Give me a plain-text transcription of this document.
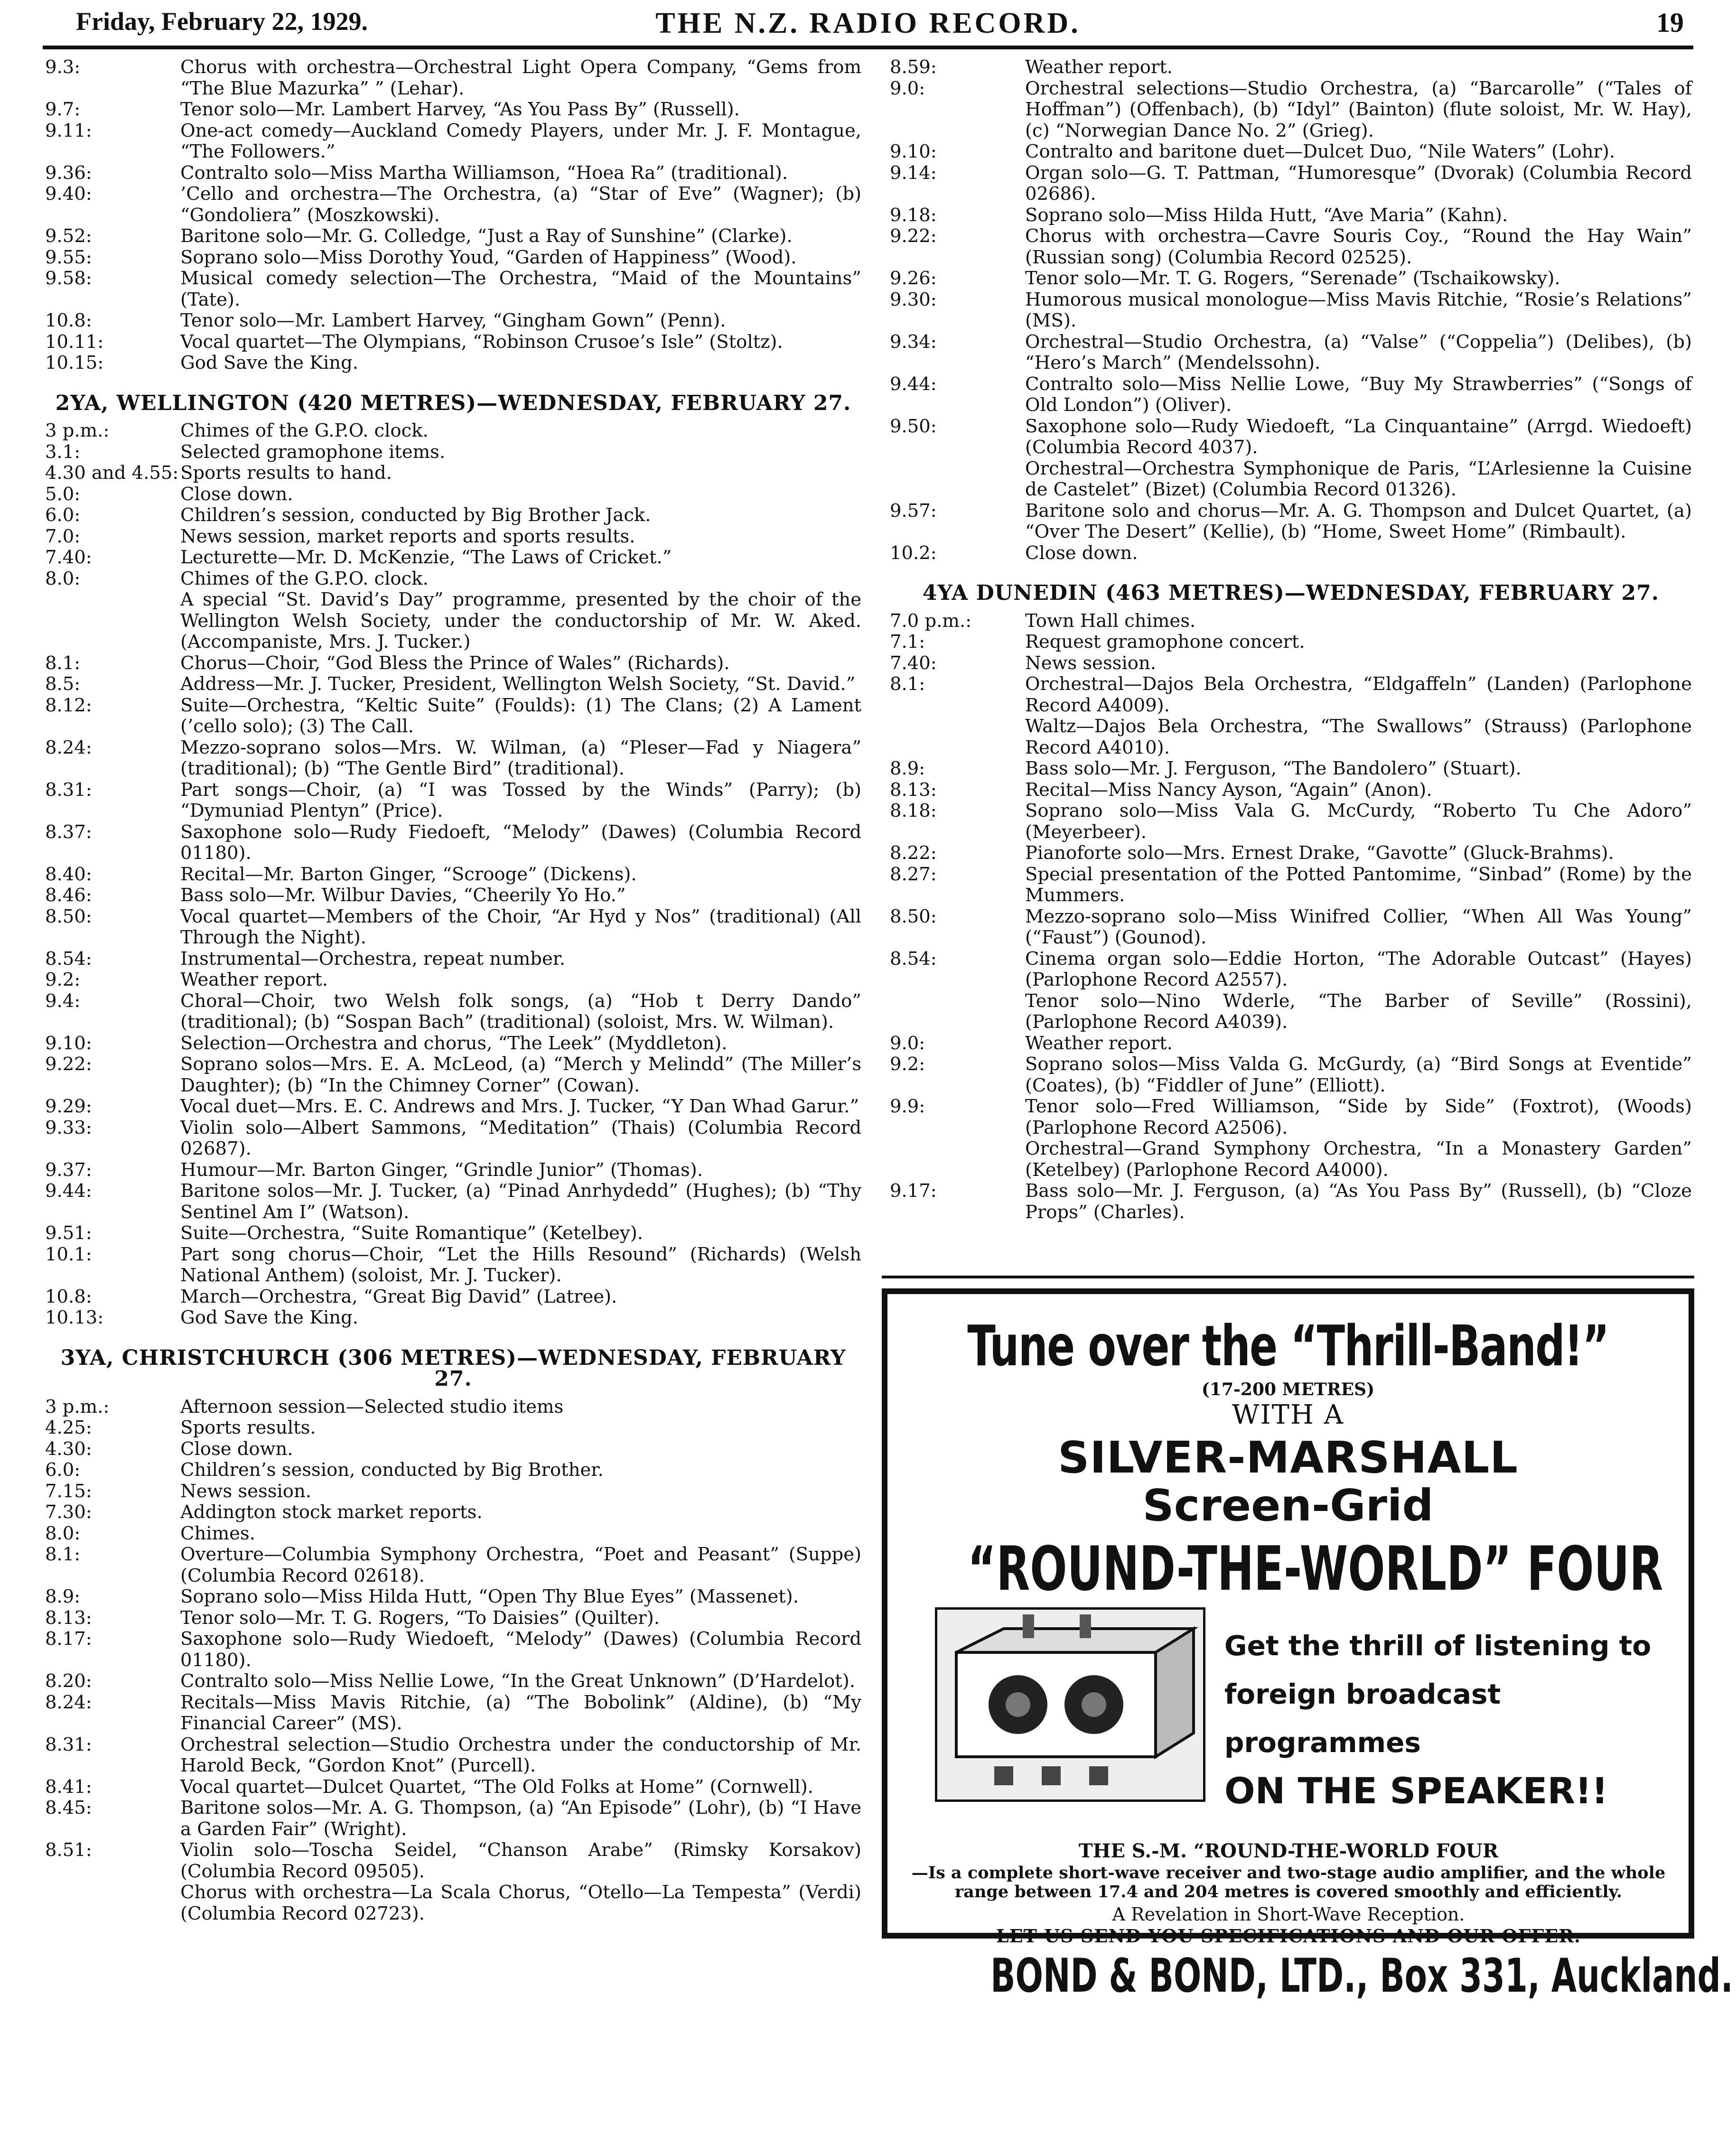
Friday, February 22, 1929.	THE N.Z. RADIO RECORD.	19
9.3:	Chorus with orchestra—Orchestral Light Opera Company, “Gems from “The Blue Mazurka” ” (Lehar).
9.7:	Tenor solo—Mr. Lambert Harvey, “As You Pass By” (Russell).
9.11:	One-act comedy—Auckland Comedy Players, under Mr. J. F. Montague, “The Followers.”
9.36:	Contralto solo—Miss Martha Williamson, “Hoea Ra” (traditional).
9.40:	’Cello and orchestra—The Orchestra, (a) “Star of Eve” (Wagner); (b) “Gondoliera” (Moszkowski).
9.52:	Baritone solo—Mr. G. Colledge, “Just a Ray of Sunshine” (Clarke).
9.55:	Soprano solo—Miss Dorothy Youd, “Garden of Happiness” (Wood).
9.58:	Musical comedy selection—The Orchestra, “Maid of the Mountains” (Tate).
10.8:	Tenor solo—Mr. Lambert Harvey, “Gingham Gown” (Penn).
10.11:	Vocal quartet—The Olympians, “Robinson Crusoe’s Isle” (Stoltz).
10.15:	God Save the King.
2YA, WELLINGTON (420 METRES)—WEDNESDAY, FEBRUARY 27.
3 p.m.:	Chimes of the G.P.O. clock.
3.1:	Selected gramophone items.
4.30 and 4.55: Sports results to hand.
5.0:	Close down.
6.0:	Children’s session, conducted by Big Brother Jack.
7.0:	News session, market reports and sports results.
7.40:	Lecturette—Mr. D. McKenzie, “The Laws of Cricket.”
8.0:	Chimes of the G.P.O. clock.
A special “St. David’s Day” programme, presented by the choir of the Wellington Welsh Society, under the conductorship of Mr. W. Aked. (Accompaniste, Mrs. J. Tucker.)
8.1:	Chorus—Choir, “God Bless the Prince of Wales” (Richards).
8.5:	Address—Mr. J. Tucker, President, Wellington Welsh Society, “St. David.”
8.12:	Suite—Orchestra, “Keltic Suite” (Foulds): (1) The Clans; (2) A Lament (’cello solo); (3) The Call.
8.24:	Mezzo-soprano solos—Mrs. W. Wilman, (a) “Pleser—Fad y Niagera” (traditional); (b) “The Gentle Bird” (traditional).
8.31:	Part songs—Choir, (a) “I was Tossed by the Winds” (Parry); (b) “Dymuniad Plentyn” (Price).
8.37:	Saxophone solo—Rudy Fiedoeft, “Melody” (Dawes) (Columbia Record 01180).
8.40:	Recital—Mr. Barton Ginger, “Scrooge” (Dickens).
8.46:	Bass solo—Mr. Wilbur Davies, “Cheerily Yo Ho.”
8.50:	Vocal quartet—Members of the Choir, “Ar Hyd y Nos” (traditional) (All Through the Night).
8.54:	Instrumental—Orchestra, repeat number.
9.2:	Weather report.
9.4:	Choral—Choir, two Welsh folk songs, (a) “Hob t Derry Dando” (traditional); (b) “Sospan Bach” (traditional) (soloist, Mrs. W. Wilman).
9.10:	Selection—Orchestra and chorus, “The Leek” (Myddleton).
9.22:	Soprano solos—Mrs. E. A. McLeod, (a) “Merch y Melindd” (The Miller’s Daughter); (b) “In the Chimney Corner” (Cowan).
9.29:	Vocal duet—Mrs. E. C. Andrews and Mrs. J. Tucker, “Y Dan Whad Garur.”
9.33:	Violin solo—Albert Sammons, “Meditation” (Thais) (Columbia Record 02687).
9.37:	Humour—Mr. Barton Ginger, “Grindle Junior” (Thomas).
9.44:	Baritone solos—Mr. J. Tucker, (a) “Pinad Anrhydedd” (Hughes); (b) “Thy Sentinel Am I” (Watson).
9.51:	Suite—Orchestra, “Suite Romantique” (Ketelbey).
10.1:	Part song chorus—Choir, “Let the Hills Resound” (Richards) (Welsh National Anthem) (soloist, Mr. J. Tucker).
10.8:	March—Orchestra, “Great Big David” (Latree).
10.13:	God Save the King.
3YA, CHRISTCHURCH (306 METRES)—WEDNESDAY, FEBRUARY 27.
3 p.m.:	Afternoon session—Selected studio items
4.25:	Sports results.
4.30:	Close down.
6.0:	Children’s session, conducted by Big Brother.
7.15:	News session.
7.30:	Addington stock market reports.
8.0:	Chimes.
8.1:	Overture—Columbia Symphony Orchestra, “Poet and Peasant” (Suppe) (Columbia Record 02618).
8.9:	Soprano solo—Miss Hilda Hutt, “Open Thy Blue Eyes” (Massenet).
8.13:	Tenor solo—Mr. T. G. Rogers, “To Daisies” (Quilter).
8.17:	Saxophone solo—Rudy Wiedoeft, “Melody” (Dawes) (Columbia Record 01180).
8.20:	Contralto solo—Miss Nellie Lowe, “In the Great Unknown” (D’Hardelot).
8.24:	Recitals—Miss Mavis Ritchie, (a) “The Bobolink” (Aldine), (b) “My Financial Career” (MS).
8.31:	Orchestral selection—Studio Orchestra under the conductorship of Mr. Harold Beck, “Gordon Knot” (Purcell).
8.41:	Vocal quartet—Dulcet Quartet, “The Old Folks at Home” (Cornwell).
8.45:	Baritone solos—Mr. A. G. Thompson, (a) “An Episode” (Lohr), (b) “I Have a Garden Fair” (Wright).
8.51:	Violin solo—Toscha Seidel, “Chanson Arabe” (Rimsky Korsakov) (Columbia Record 09505).
Chorus with orchestra—La Scala Chorus, “Otello—La Tempesta” (Verdi) (Columbia Record 02723).
8.59:	Weather report.
9.0:	Orchestral selections—Studio Orchestra, (a) “Barcarolle” (“Tales of Hoffman”) (Offenbach), (b) “Idyl” (Bainton) (flute soloist, Mr. W. Hay), (c) “Norwegian Dance No. 2” (Grieg).
9.10:	Contralto and baritone duet—Dulcet Duo, “Nile Waters” (Lohr).
9.14:	Organ solo—G. T. Pattman, “Humoresque” (Dvorak) (Columbia Record 02686).
9.18:	Soprano solo—Miss Hilda Hutt, “Ave Maria” (Kahn).
9.22:	Chorus with orchestra—Cavre Souris Coy., “Round the Hay Wain” (Russian song) (Columbia Record 02525).
9.26:	Tenor solo—Mr. T. G. Rogers, “Serenade” (Tschaikowsky).
9.30:	Humorous musical monologue—Miss Mavis Ritchie, “Rosie’s Relations” (MS).
9.34:	Orchestral—Studio Orchestra, (a) “Valse” (“Coppelia”) (Delibes), (b) “Hero’s March” (Mendelssohn).
9.44:	Contralto solo—Miss Nellie Lowe, “Buy My Strawberries” (“Songs of Old London”) (Oliver).
9.50:	Saxophone solo—Rudy Wiedoeft, “La Cinquantaine” (Arrgd. Wiedoeft) (Columbia Record 4037).
Orchestral—Orchestra Symphonique de Paris, “L’Arlesienne la Cuisine de Castelet” (Bizet) (Columbia Record 01326).
9.57:	Baritone solo and chorus—Mr. A. G. Thompson and Dulcet Quartet, (a) “Over The Desert” (Kellie), (b) “Home, Sweet Home” (Rimbault).
10.2:	Close down.
4YA DUNEDIN (463 METRES)—WEDNESDAY, FEBRUARY 27.
7.0 p.m.:	Town Hall chimes.
7.1:	Request gramophone concert.
7.40:	News session.
8.1:	Orchestral—Dajos Bela Orchestra, “Eldgaffeln” (Landen) (Parlophone Record A4009).
Waltz—Dajos Bela Orchestra, “The Swallows” (Strauss) (Parlophone Record A4010).
8.9:	Bass solo—Mr. J. Ferguson, “The Bandolero” (Stuart).
8.13:	Recital—Miss Nancy Ayson, “Again” (Anon).
8.18:	Soprano solo—Miss Vala G. McCurdy, “Roberto Tu Che Adoro” (Meyerbeer).
8.22:	Pianoforte solo—Mrs. Ernest Drake, “Gavotte” (Gluck-Brahms).
8.27:	Special presentation of the Potted Pantomime, “Sinbad” (Rome) by the Mummers.
8.50:	Mezzo-soprano solo—Miss Winifred Collier, “When All Was Young” (“Faust”) (Gounod).
8.54:	Cinema organ solo—Eddie Horton, “The Adorable Outcast” (Hayes) (Parlophone Record A2557).
Tenor solo—Nino Wderle, “The Barber of Seville” (Rossini), (Parlophone Record A4039).
9.0:	Weather report.
9.2:	Soprano solos—Miss Valda G. McGurdy, (a) “Bird Songs at Eventide” (Coates), (b) “Fiddler of June” (Elliott).
9.9:	Tenor solo—Fred Williamson, “Side by Side” (Foxtrot), (Woods) (Parlophone Record A2506).
Orchestral—Grand Symphony Orchestra, “In a Monastery Garden” (Ketelbey) (Parlophone Record A4000).
9.17:	Bass solo—Mr. J. Ferguson, (a) “As You Pass By” (Russell), (b) “Cloze Props” (Charles).
Tune over the “Thrill-Band!”
(17-200 METRES)
WITH A
SILVER-MARSHALL
Screen-Grid
“ROUND-THE-WORLD” FOUR
Get the thrill of listening to
foreign broadcast programmes
ON THE SPEAKER!!
THE S.-M. “ROUND-THE-WORLD FOUR
—Is a complete short-wave receiver and two-stage audio amplifier, and the whole range between 17.4 and 204 metres is covered smoothly and efficiently.
A Revelation in Short-Wave Reception.
LET US SEND YOU SPECIFICATIONS AND OUR OFFER.
BOND & BOND, LTD., Box 331, Auckland.
